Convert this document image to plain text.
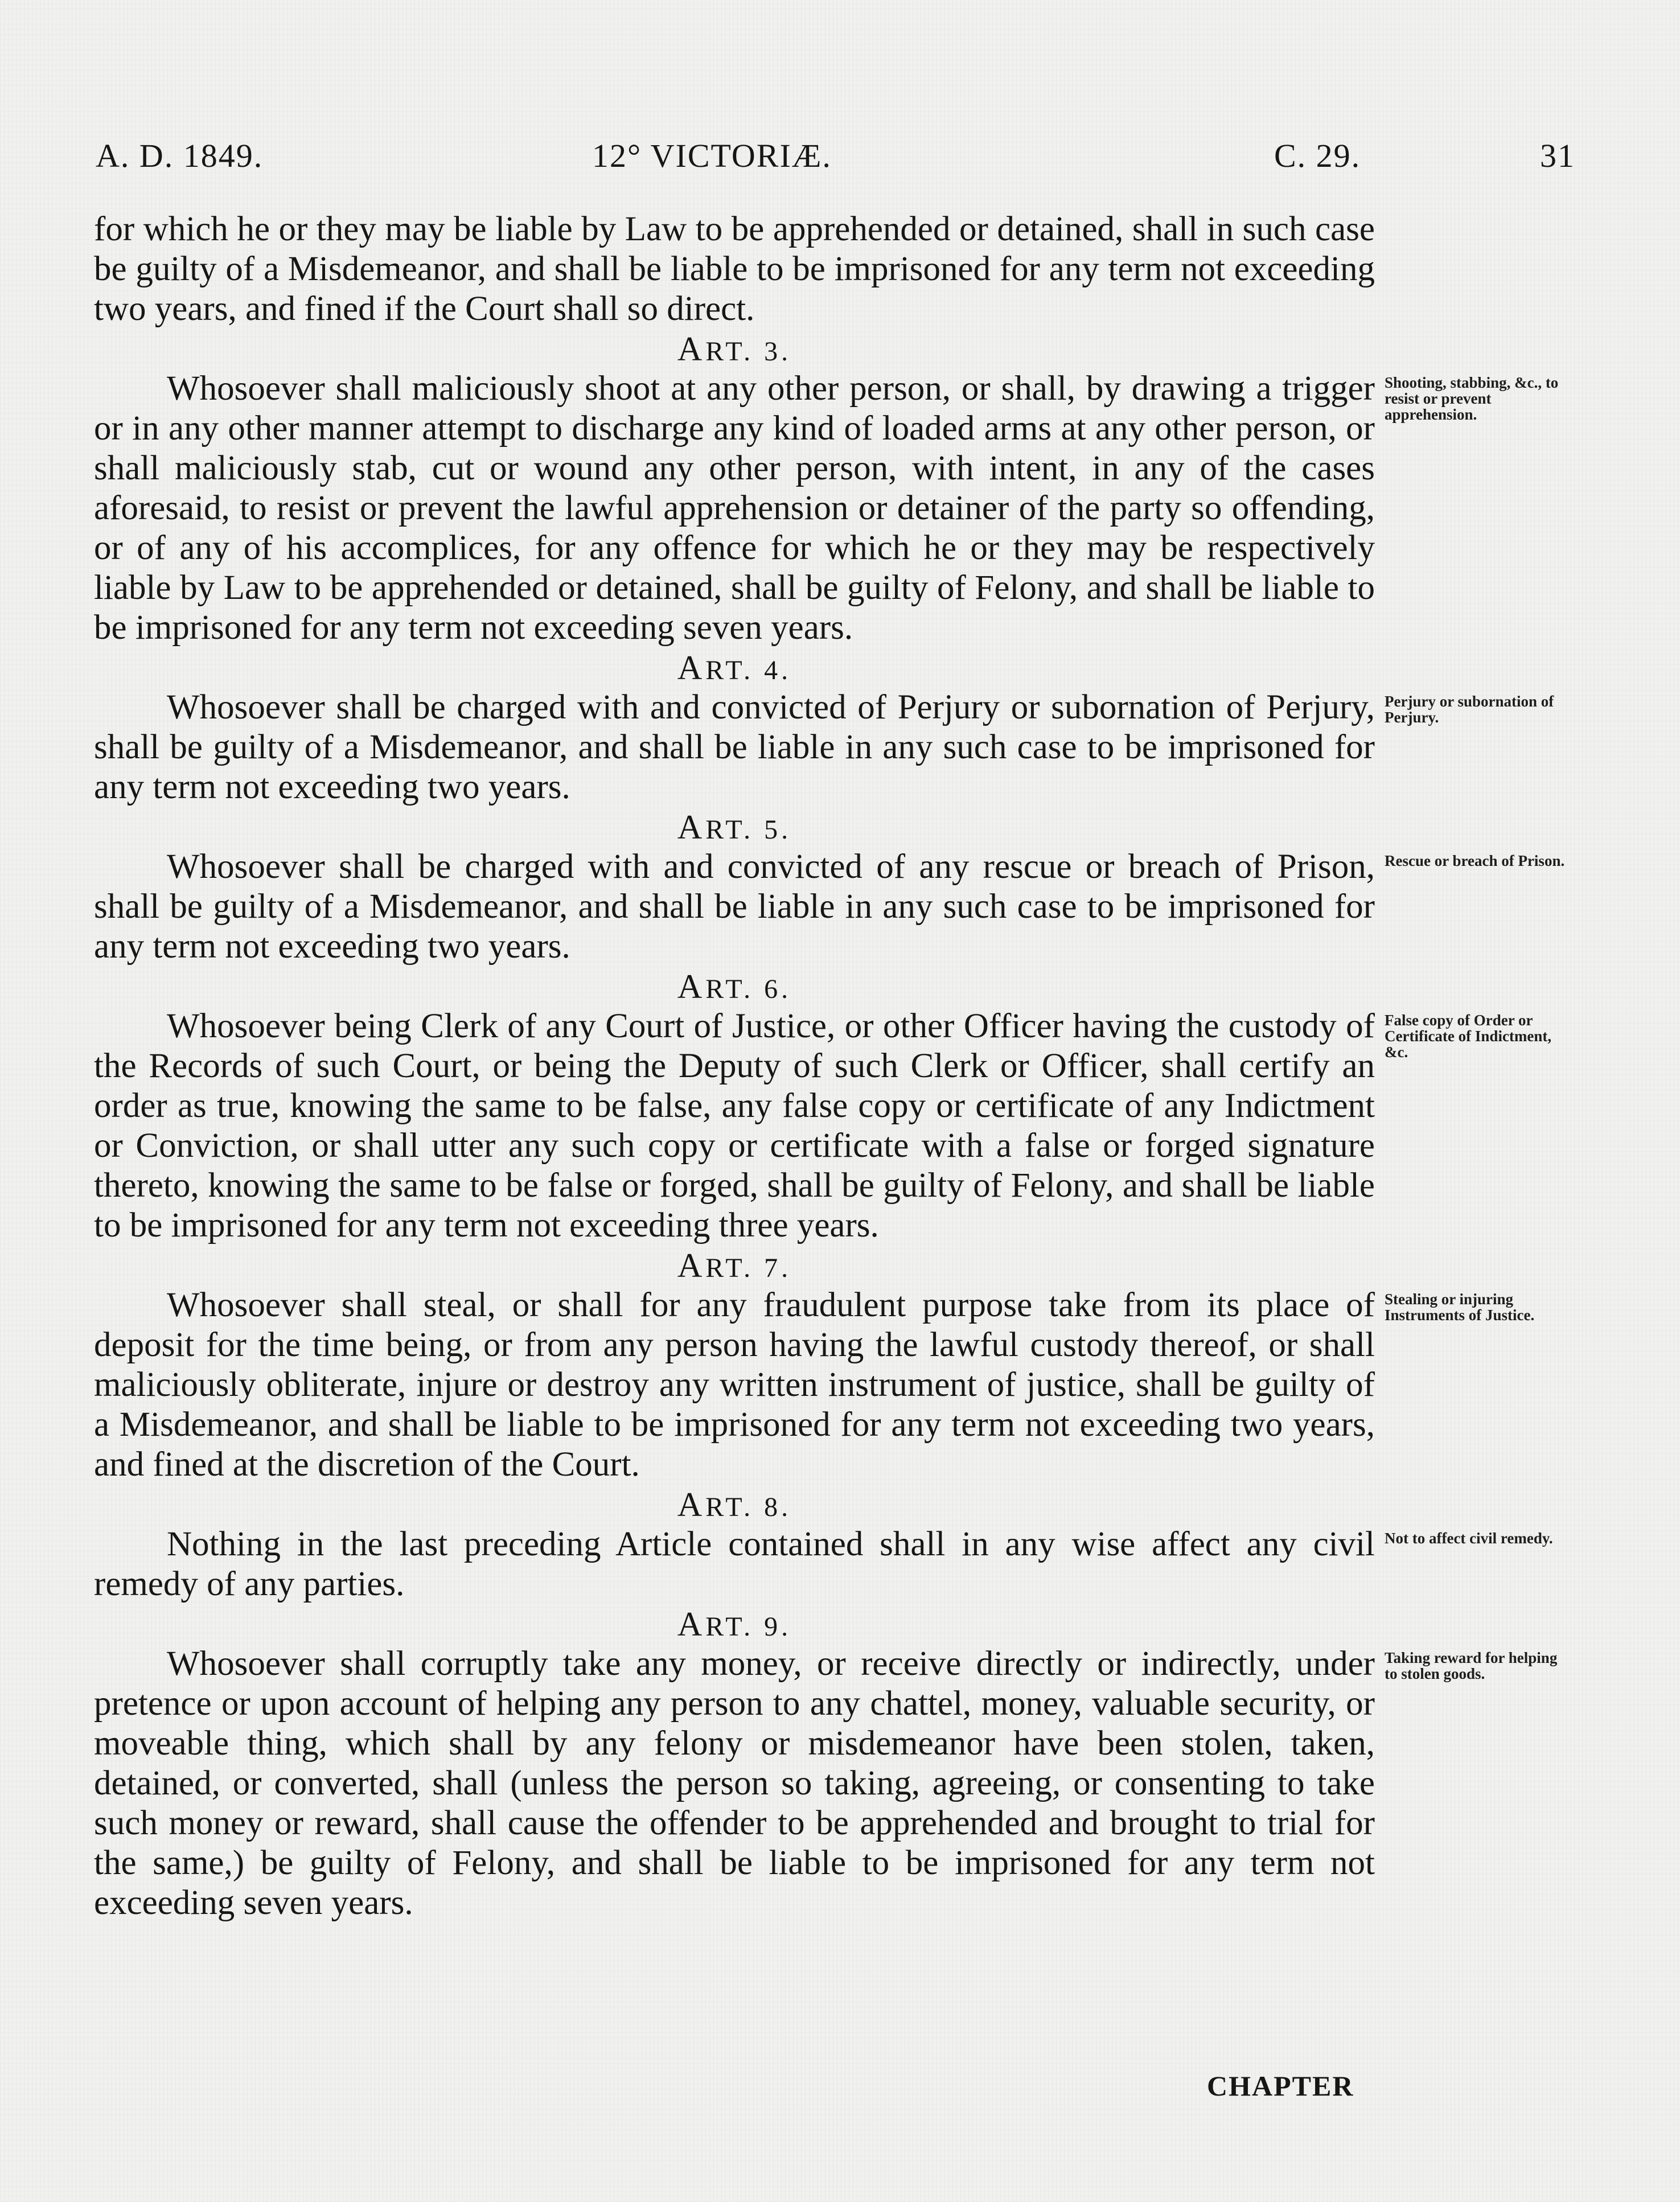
A. D. 1849.	12° VICTORIÆ.	C. 29.	31

for which he or they may be liable by Law to be apprehended or detained, shall in such case be guilty of a Misdemeanor, and shall be liable to be imprisoned for any term not exceeding two years, and fined if the Court shall so direct.

ART. 3.

Whosoever shall maliciously shoot at any other person, or shall, by drawing a trigger or in any other manner attempt to discharge any kind of loaded arms at any other person, or shall maliciously stab, cut or wound any other person, with intent, in any of the cases aforesaid, to resist or prevent the lawful apprehension or detainer of the party so offending, or of any of his accomplices, for any offence for which he or they may be respectively liable by Law to be apprehended or detained, shall be guilty of Felony, and shall be liable to be imprisoned for any term not exceeding seven years.

ART. 4.

Whosoever shall be charged with and convicted of Perjury or subornation of Perjury, shall be guilty of a Misdemeanor, and shall be liable in any such case to be imprisoned for any term not exceeding two years.

ART. 5.

Whosoever shall be charged with and convicted of any rescue or breach of Prison, shall be guilty of a Misdemeanor, and shall be liable in any such case to be imprisoned for any term not exceeding two years.

ART. 6.

Whosoever being Clerk of any Court of Justice, or other Officer having the custody of the Records of such Court, or being the Deputy of such Clerk or Officer, shall certify an order as true, knowing the same to be false, any false copy or certificate of any Indictment or Conviction, or shall utter any such copy or certificate with a false or forged signature thereto, knowing the same to be false or forged, shall be guilty of Felony, and shall be liable to be imprisoned for any term not exceeding three years.

ART. 7.

Whosoever shall steal, or shall for any fraudulent purpose take from its place of deposit for the time being, or from any person having the lawful custody thereof, or shall maliciously obliterate, injure or destroy any written instrument of justice, shall be guilty of a Misdemeanor, and shall be liable to be imprisoned for any term not exceeding two years, and fined at the discretion of the Court.

ART. 8.

Nothing in the last preceding Article contained shall in any wise affect any civil remedy of any parties.

ART. 9.

Whosoever shall corruptly take any money, or receive directly or indirectly, under pretence or upon account of helping any person to any chattel, money, valuable security, or moveable thing, which shall by any felony or misdemeanor have been stolen, taken, detained, or converted, shall (unless the person so taking, agreeing, or consenting to take such money or reward, shall cause the offender to be apprehended and brought to trial for the same,) be guilty of Felony, and shall be liable to be imprisoned for any term not exceeding seven years.

Shooting, stabbing, &c., to resist or prevent apprehension.
Perjury or subornation of Perjury.
Rescue or breach of Prison.
False copy of Order or Certificate of Indictment, &c.
Stealing or injuring Instruments of Justice.
Not to affect civil remedy.
Taking reward for helping to stolen goods.
CHAPTER
